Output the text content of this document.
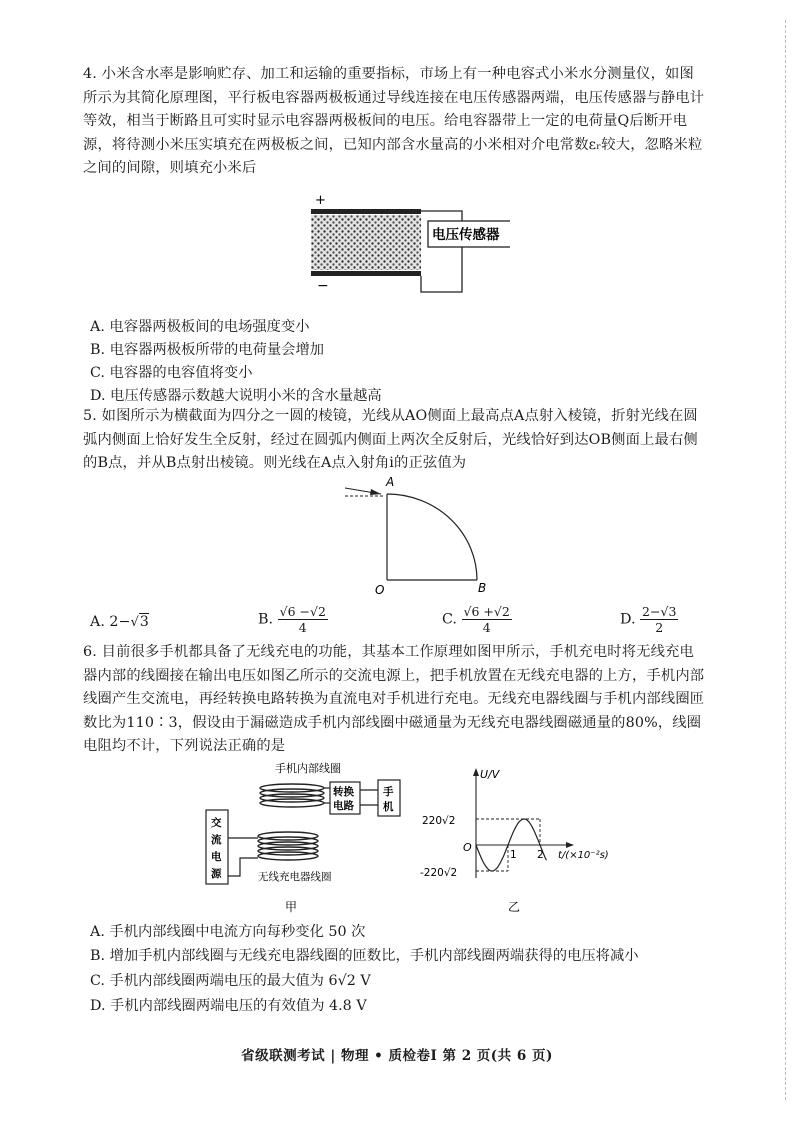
4. 小米含水率是影响贮存、加工和运输的重要指标，市场上有一种电容式小米水分测量仪，如图所示为其简化原理图，平行板电容器两极板通过导线连接在电压传感器两端，电压传感器与静电计等效，相当于断路且可实时显示电容器两极板间的电压。给电容器带上一定的电荷量Q后断开电源，将待测小米压实填充在两极板之间，已知内部含水量高的小米相对介电常数εᵣ较大，忽略米粒之间的间隙，则填充小米后

+
−
电压传感器
A. 电容器两极板间的电场强度变小
B. 电容器两极板所带的电荷量会增加
C. 电容器的电容值将变小
D. 电压传感器示数越大说明小米的含水量越高

5. 如图所示为横截面为四分之一圆的棱镜，光线从AO侧面上最高点A点射入棱镜，折射光线在圆弧内侧面上恰好发生全反射，经过在圆弧内侧面上两次全反射后，光线恰好到达OB侧面上最右侧的B点，并从B点射出棱镜。则光线在A点入射角i的正弦值为

A
O	B
A. 2−√3	B. $\frac{√6 -√2}{4}$	C. $\frac{√6 +√2}{4}$	D. $\frac{2-√3}{2}$

6. 目前很多手机都具备了无线充电的功能，其基本工作原理如图甲所示，手机充电时将无线充电器内部的线圈接在输出电压如图乙所示的交流电源上，把手机放置在无线充电器的上方，手机内部线圈产生交流电，再经转换电路转换为直流电对手机进行充电。无线充电器线圈与手机内部线圈匝数比为110∶3，假设由于漏磁造成手机内部线圈中磁通量为无线充电器线圈磁通量的80%，线圈电阻均不计，下列说法正确的是

手机内部线圈
转换
电路
手
机
交
流
电
源	无线充电器线圈
甲
U/V
O
220√2
-220√2
1 2 t/(×10⁻²s)
乙
A. 手机内部线圈中电流方向每秒变化 50 次
B. 增加手机内部线圈与无线充电器线圈的匝数比，手机内部线圈两端获得的电压将减小
C. 手机内部线圈两端电压的最大值为 6√2 V
D. 手机内部线圈两端电压的有效值为 4.8 V
省级联测考试 | 物理 • 质检卷Ⅰ 第 2 页(共 6 页)
